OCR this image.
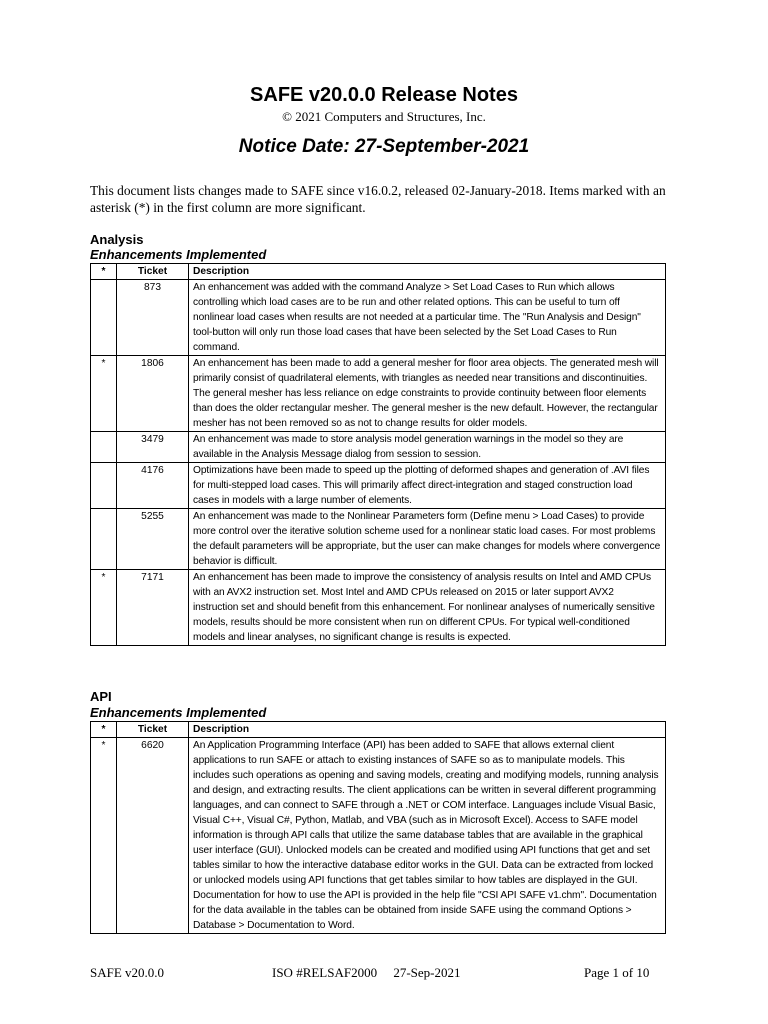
SAFE v20.0.0 Release Notes
© 2021 Computers and Structures, Inc.
Notice Date: 27-September-2021
This document lists changes made to SAFE since v16.0.2, released 02-January-2018. Items marked with an asterisk (*) in the first column are more significant.
Analysis
Enhancements Implemented
*	Ticket	Description
	873	An enhancement was added with the command Analyze > Set Load Cases to Run which allows controlling which load cases are to be run and other related options. This can be useful to turn off nonlinear load cases when results are not needed at a particular time. The "Run Analysis and Design" tool-button will only run those load cases that have been selected by the Set Load Cases to Run command.
*	1806	An enhancement has been made to add a general mesher for floor area objects. The generated mesh will primarily consist of quadrilateral elements, with triangles as needed near transitions and discontinuities. The general mesher has less reliance on edge constraints to provide continuity between floor elements than does the older rectangular mesher. The general mesher is the new default. However, the rectangular mesher has not been removed so as not to change results for older models.
	3479	An enhancement was made to store analysis model generation warnings in the model so they are available in the Analysis Message dialog from session to session.
	4176	Optimizations have been made to speed up the plotting of deformed shapes and generation of .AVI files for multi-stepped load cases. This will primarily affect direct-integration and staged construction load cases in models with a large number of elements.
	5255	An enhancement was made to the Nonlinear Parameters form (Define menu > Load Cases) to provide more control over the iterative solution scheme used for a nonlinear static load cases. For most problems the default parameters will be appropriate, but the user can make changes for models where convergence behavior is difficult.
*	7171	An enhancement has been made to improve the consistency of analysis results on Intel and AMD CPUs with an AVX2 instruction set. Most Intel and AMD CPUs released on 2015 or later support AVX2 instruction set and should benefit from this enhancement. For nonlinear analyses of numerically sensitive models, results should be more consistent when run on different CPUs. For typical well-conditioned models and linear analyses, no significant change is results is expected.
API
Enhancements Implemented
*	Ticket	Description
*	6620	An Application Programming Interface (API) has been added to SAFE that allows external client applications to run SAFE or attach to existing instances of SAFE so as to manipulate models. This includes such operations as opening and saving models, creating and modifying models, running analysis and design, and extracting results. The client applications can be written in several different programming languages, and can connect to SAFE through a .NET or COM interface. Languages include Visual Basic, Visual C++, Visual C#, Python, Matlab, and VBA (such as in Microsoft Excel). Access to SAFE model information is through API calls that utilize the same database tables that are available in the graphical user interface (GUI). Unlocked models can be created and modified using API functions that get and set tables similar to how the interactive database editor works in the GUI. Data can be extracted from locked or unlocked models using API functions that get tables similar to how tables are displayed in the GUI. Documentation for how to use the API is provided in the help file "CSI API SAFE v1.chm". Documentation for the data available in the tables can be obtained from inside SAFE using the command Options > Database > Documentation to Word.
SAFE v20.0.0	ISO #RELSAF2000     27-Sep-2021	Page 1 of 10
